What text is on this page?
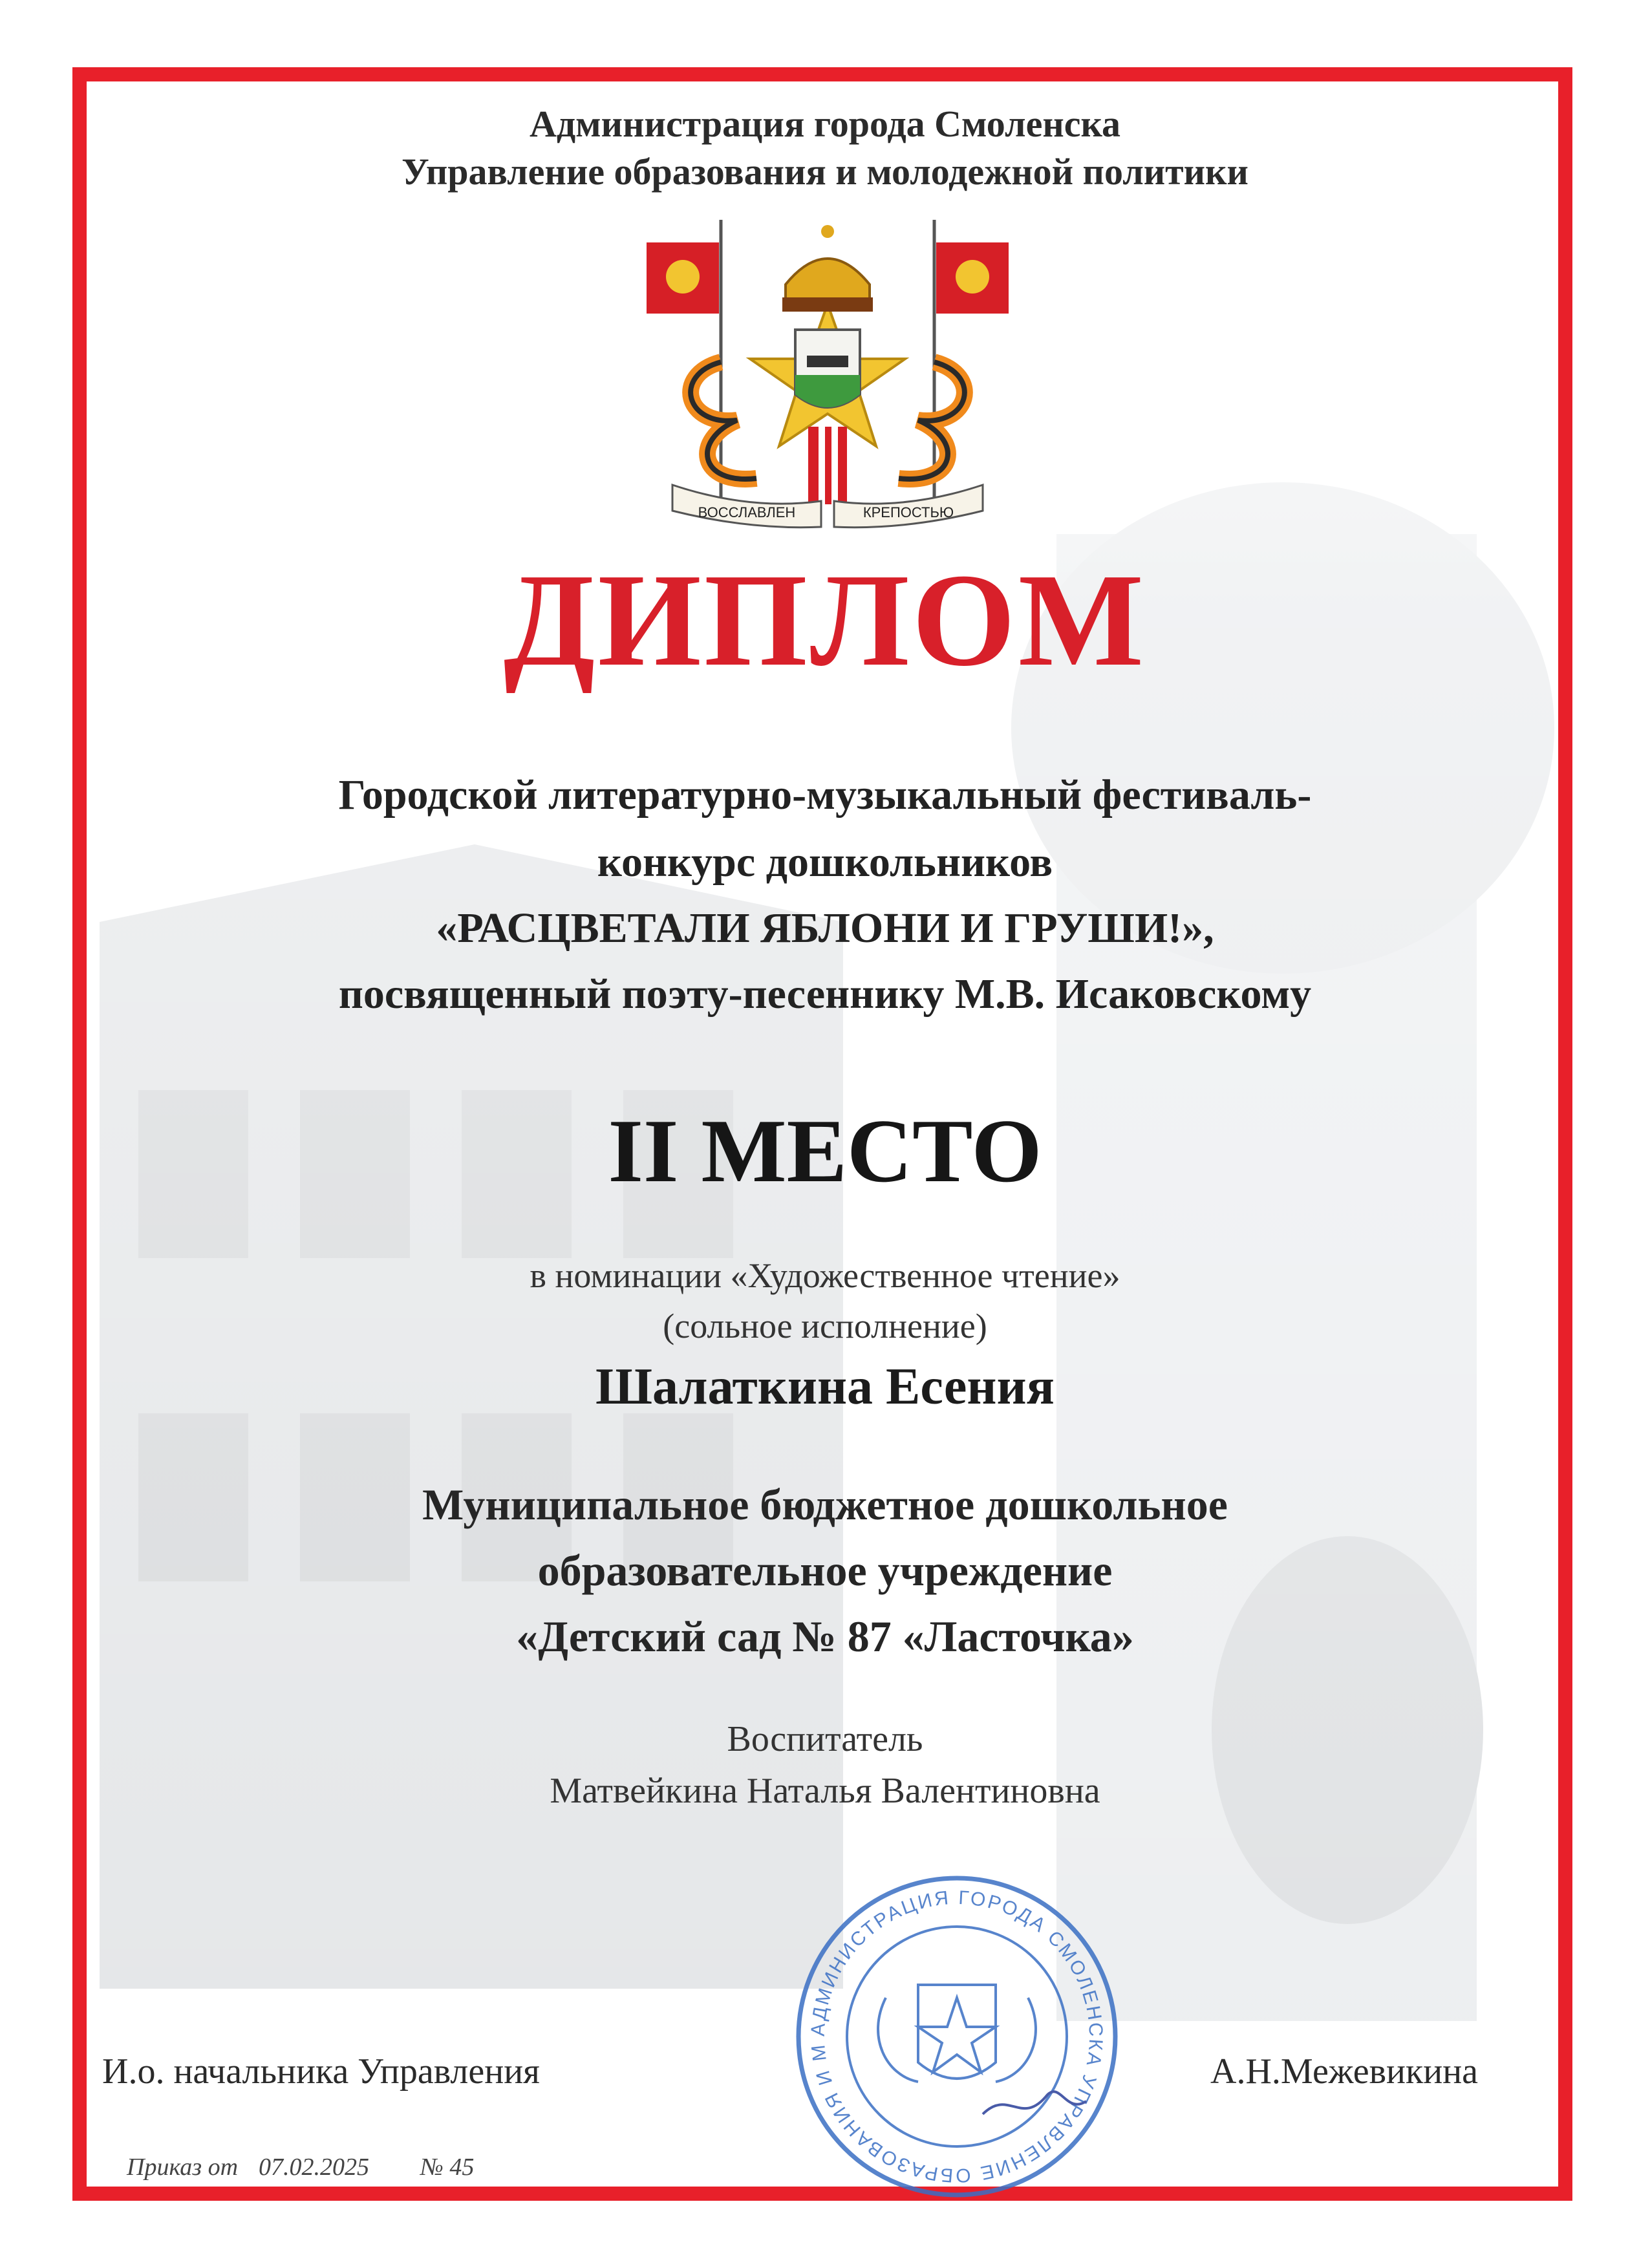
Администрация города Смоленска
Управление образования и молодежной политики
ВОССЛАВЛЕН	КРЕПОСТЬЮ
ДИПЛОМ
Городской литературно-музыкальный фестиваль-
конкурс дошкольников
«РАСЦВЕТАЛИ ЯБЛОНИ И ГРУШИ!»,
посвященный поэту-песеннику М.В. Исаковскому
II МЕСТО
в номинации «Художественное чтение»
(сольное исполнение)
Шалаткина Есения
Муниципальное бюджетное дошкольное
образовательное учреждение
«Детский сад № 87 «Ласточка»
Воспитатель
Матвейкина Наталья Валентиновна
АДМИНИСТРАЦИЯ ГОРОДА СМОЛЕНСКА УПРАВЛЕНИЕ ОБРАЗОВАНИЯ И М
И.о. начальника Управления	А.Н.Межевикина
Приказ от 07.02.2025 № 45
